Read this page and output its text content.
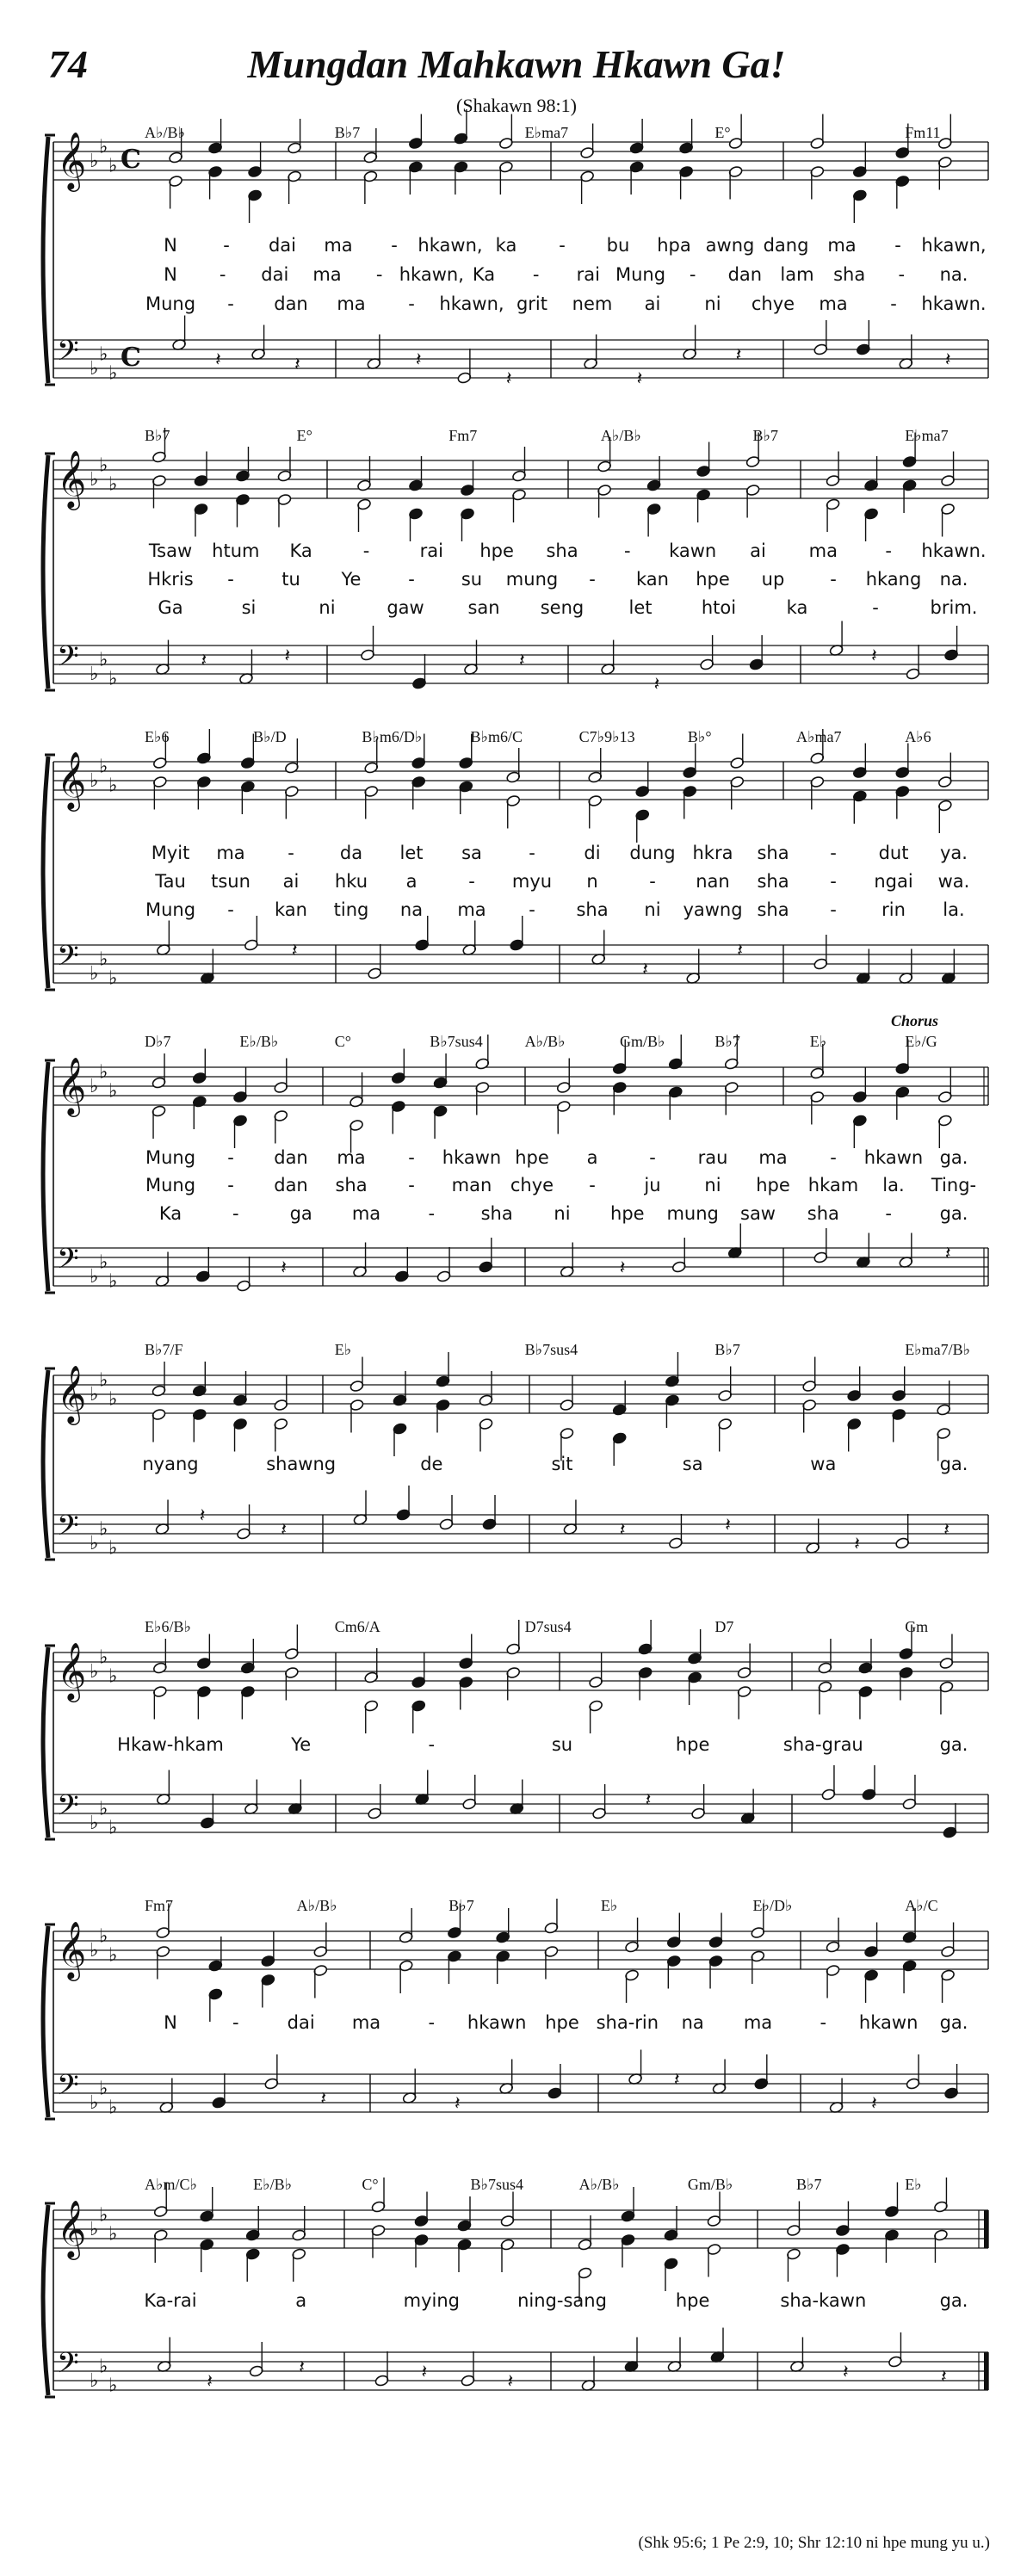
74	Mungdan Mahkawn Hkawn Ga!
(Shakawn 98:1)
𝄞 ♭
♭
♭ C
𝄢 ♭
♭
♭
C	𝄽	𝄽	𝄽
𝄽	𝄽
𝄽	𝄽
A♭/B♭	B♭7	E♭ma7	E°	Fm11
N	- dai ma - hkawn, ka - bu hpa awng dang ma - hkawn,
N - dai ma - hkawn, Ka - rai Mung - dan lam sha - na.
Mung - dan ma - hkawn, grit nem ai ni chye ma - hkawn.
𝄞 ♭
♭
♭
𝄢 ♭
♭
♭
𝄽	𝄽	𝄽
𝄽
𝄽
B♭7	E°	Fm7	A♭/B♭	B♭7	E♭ma7
Tsaw htum Ka	-	rai hpe sha	- kawn ai ma	- hkawn.
Hkris -	tu Ye	-	su mung - kan hpe up	- hkang na.
Ga	si	ni	gaw san seng let	htoi	ka	-	brim.
𝄞 ♭
♭
♭
𝄢 ♭
♭
♭
𝄽
𝄽
𝄽
E♭6	B♭/D	B♭m6/D♭	B♭m6/C	C7♭9♭13	B♭°	A♭ma7	A♭6
Myit ma -	da let sa	-	di dung hkra sha - dut ya.
Tau tsun ai hku a	- myu n	- nan sha - ngai wa.
Mung - kan ting na ma - sha ni yawng sha - rin la.
𝄞 ♭
♭
♭
𝄢 ♭
♭
♭
𝄽	𝄽
𝄽
D♭7	E♭/B♭	C°	B♭7sus4	A♭/B♭	Gm/B♭	B♭7	E♭	E♭/G
Chorus
Mung - dan ma - hkawn hpe a	- rau ma - hkawn ga.
Mung - dan sha - man chye -	ju ni hpe hkam la. Ting-
Ka	-	ga ma	-	sha ni hpe mung saw sha	-	ga.
𝄞 ♭
♭
♭
𝄢 ♭
♭
♭
𝄽
𝄽	𝄽	𝄽
𝄽
𝄽
B♭7/F	E♭	B♭7sus4	B♭7	E♭ma7/B♭
nyang	shawng	de	sit	sa	wa	ga.
𝄞 ♭
♭
♭
𝄢 ♭
♭
♭
𝄽
E♭6/B♭	Cm6/A	D7sus4	D7	Gm
Hkaw-hkam	Ye	-	su	hpe	sha-grau	ga.
𝄞 ♭
♭
♭
𝄢 ♭
♭
♭	𝄽	𝄽
𝄽
𝄽
Fm7	A♭/B♭	B♭7	E♭	E♭/D♭	A♭/C
N	-	dai ma	- hkawn hpe sha-rin na ma	- hkawn ga.
𝄞 ♭
♭
♭
𝄢 ♭
♭
♭	𝄽
𝄽	𝄽	𝄽	𝄽	𝄽
A♭m/C♭	E♭/B♭	C°	B♭7sus4	A♭/B♭	Gm/B♭	B♭7	E♭
Ka-rai	a	mying	ning-sang	hpe	sha-kawn	ga.
(Shk 95:6; 1 Pe 2:9, 10; Shr 12:10 ni hpe mung yu u.)
